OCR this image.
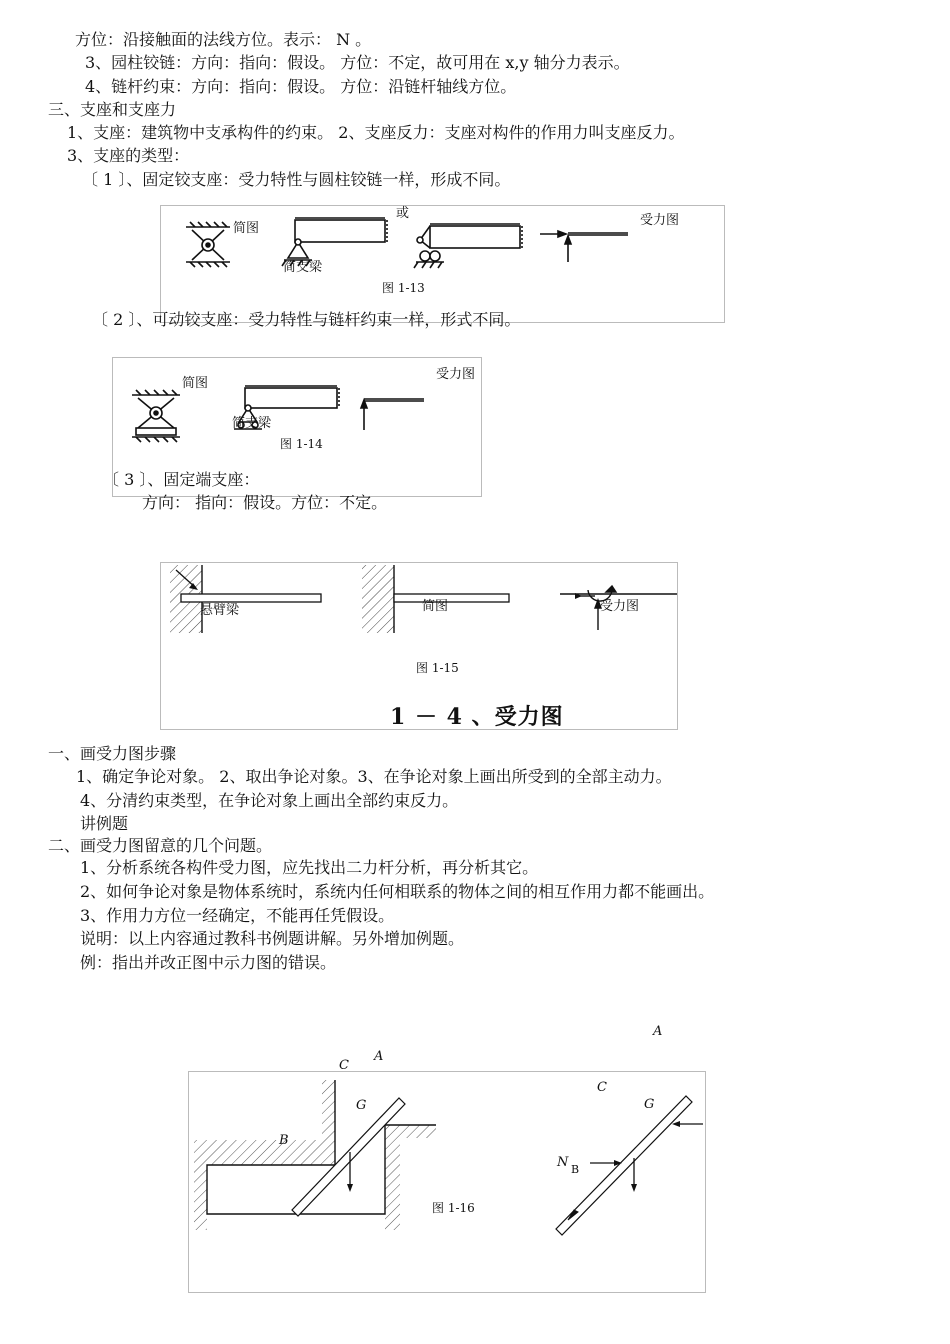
方位：沿接触面的法线方位。表示： N 。
3、园柱铰链：方向：指向：假设。 方位：不定，故可用在 x,y 轴分力表示。
4、链杆约束：方向：指向：假设。 方位：沿链杆轴线方位。
三、支座和支座力
1、支座：建筑物中支承构件的约束。 2、支座反力：支座对构件的作用力叫支座反力。
3、支座的类型：
〔 1 〕、固定铰支座：受力特性与圆柱铰链一样，形成不同。
简图
简支梁
或	受力图
图 1-13
〔 2 〕、可动铰支座：受力特性与链杆约束一样，形式不同。
简图
简支梁
受力图
图 1-14
〔 3 〕、固定端支座：
方向： 指向：假设。方位：不定。
悬臂梁	简图	受力图
图 1-15
1 － 4 、受力图
一、画受力图步骤
1、确定争论对象。 2、取出争论对象。3、在争论对象上画出所受到的全部主动力。
4、分清约束类型，在争论对象上画出全部约束反力。
讲例题
二、画受力图留意的几个问题。
1、分析系统各构件受力图，应先找出二力杆分析，再分析其它。
2、如何争论对象是物体系统时，系统内任何相联系的物体之间的相互作用力都不能画出。
3、作用力方位一经确定，不能再任凭假设。
说明：以上内容通过教科书例题讲解。另外增加例题。
例：指出并改正图中示力图的错误。
A
A
C
G
B
C
G
N B
图 1-16
